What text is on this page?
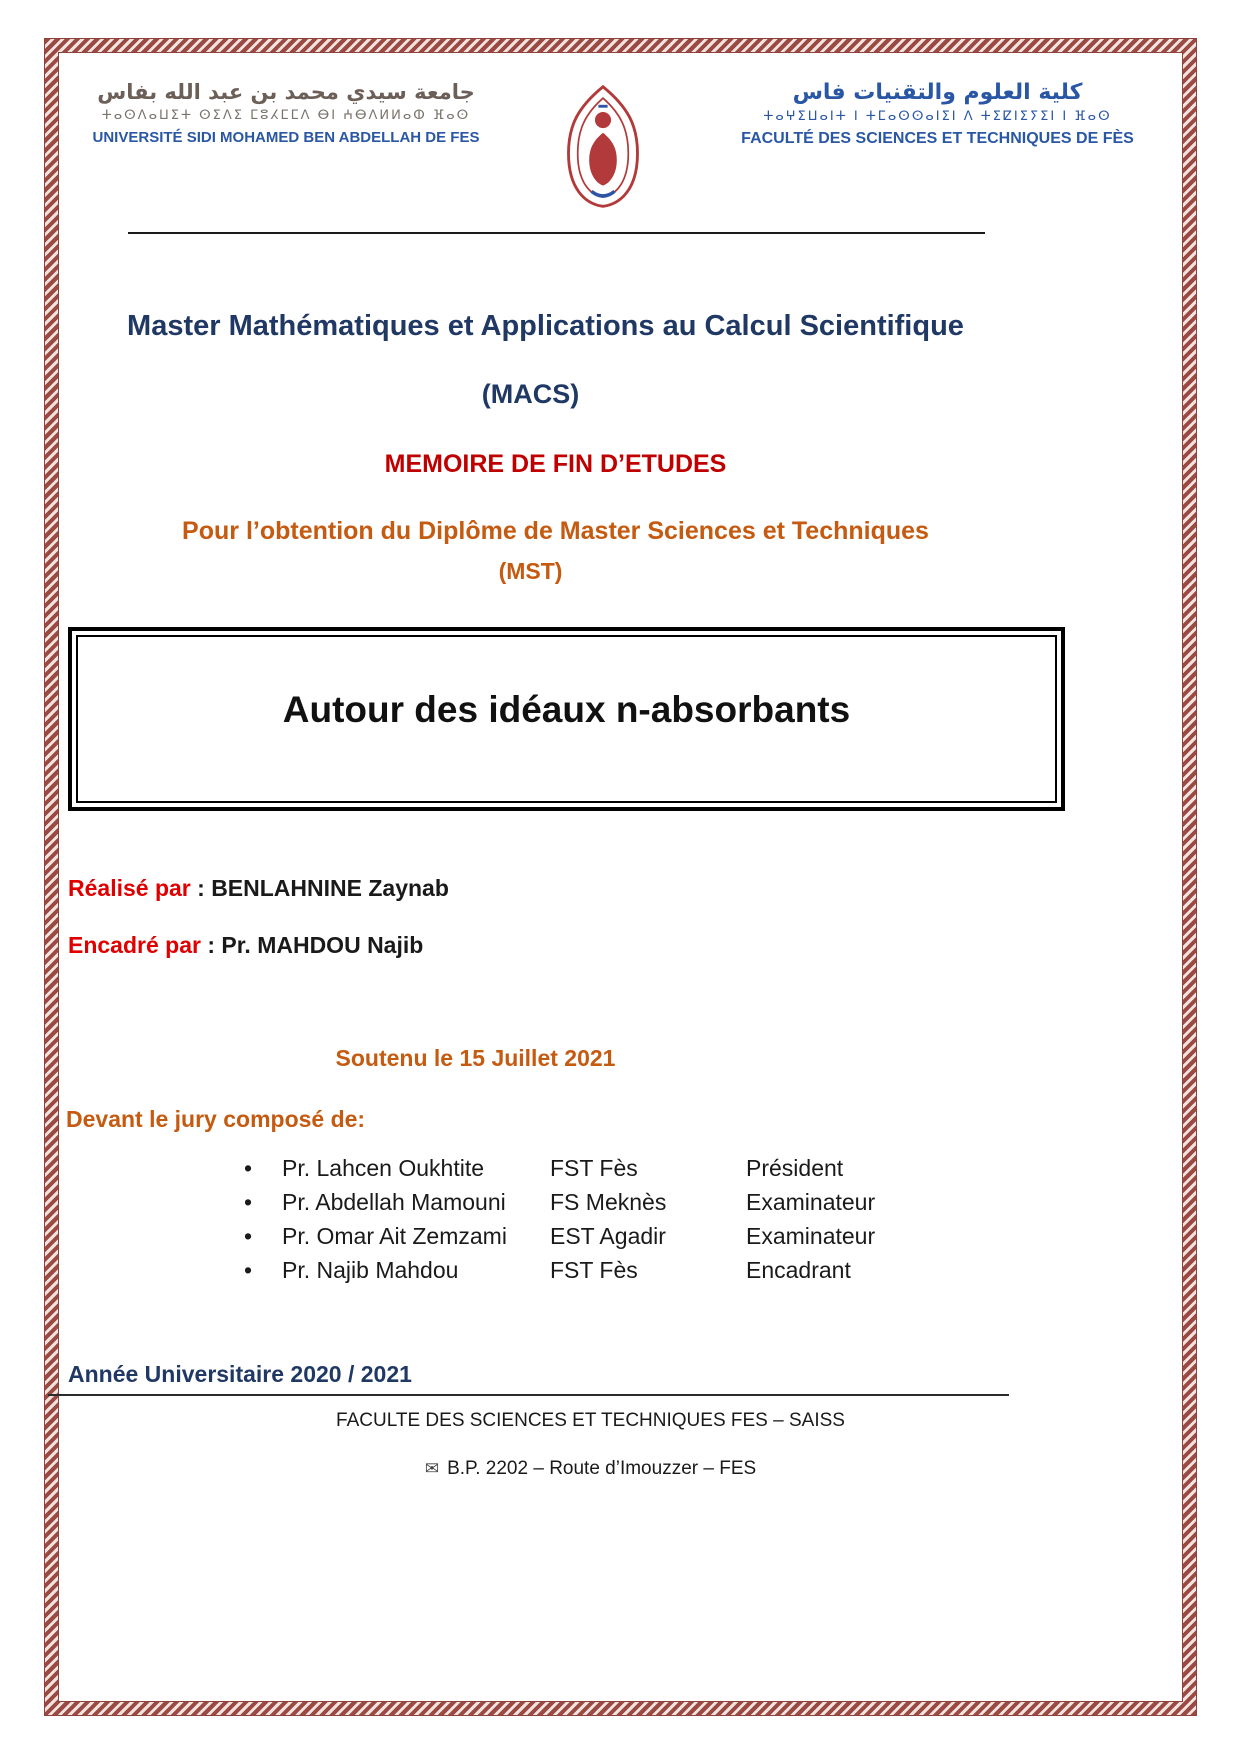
جامعة سيدي محمد بن عبد الله بفاس
ⵜⴰⵙⴷⴰⵡⵉⵜ ⵙⵉⴷⵉ ⵎⵓⵃⵎⵎⴷ ⴱⵏ ⵄⴱⴷⵍⵍⴰⵀ ⴼⴰⵙ
UNIVERSITÉ SIDI MOHAMED BEN ABDELLAH DE FES
كلية العلوم والتقنيات فاس
ⵜⴰⵖⵉⵡⴰⵏⵜ ⵏ ⵜⵎⴰⵙⵙⴰⵏⵉⵏ ⴷ ⵜⵉⵇⵏⵉⵢⵉⵏ ⵏ ⴼⴰⵙ
FACULTÉ DES SCIENCES ET TECHNIQUES DE FÈS
Master Mathématiques et Applications au Calcul Scientifique
(MACS)
MEMOIRE DE FIN D’ETUDES
Pour l’obtention du Diplôme de Master Sciences et Techniques
(MST)
Autour des idéaux n-absorbants
Réalisé par : BENLAHNINE Zaynab
Encadré par : Pr. MAHDOU Najib
Soutenu le 15 Juillet 2021
Devant le jury composé de:
•	Pr. Lahcen Oukhtite	FST Fès	Président
•	Pr. Abdellah Mamouni	FS Meknès	Examinateur
•	Pr. Omar Ait Zemzami	EST Agadir	Examinateur
•	Pr. Najib Mahdou	FST Fès	Encadrant
Année Universitaire 2020 / 2021
FACULTE DES SCIENCES ET TECHNIQUES FES – SAISS
✉ B.P. 2202 – Route d’Imouzzer – FES
